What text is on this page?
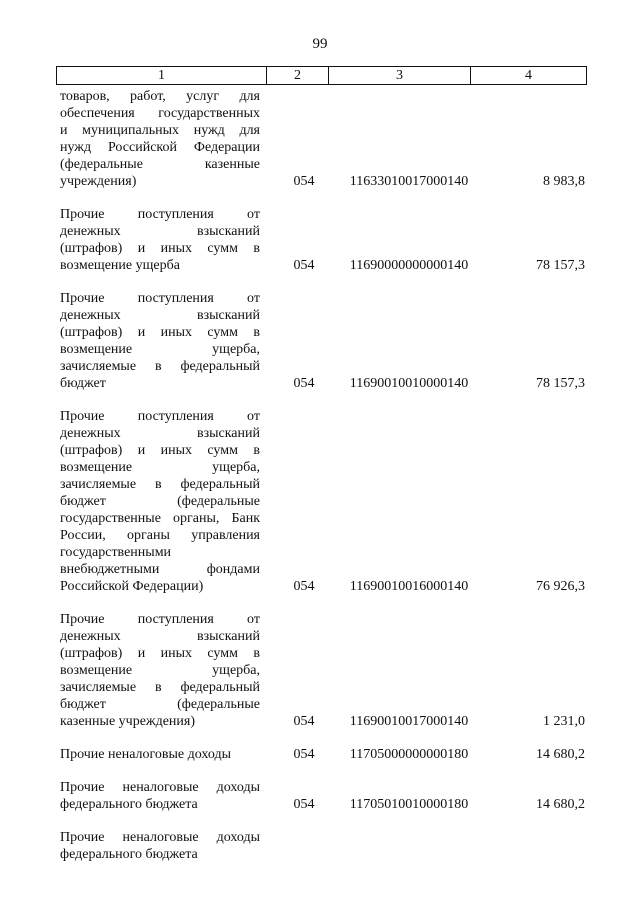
99
1	2	3	4
товаров, работ, услуг для
обеспечения государственных
и муниципальных нужд для
нужд Российской Федерации
(федеральные казенные
учреждения)	054	11633010017000140	8 983,8
Прочие поступления от
денежных взысканий
(штрафов) и иных сумм в
возмещение ущерба	054	11690000000000140	78 157,3
Прочие поступления от
денежных взысканий
(штрафов) и иных сумм в
возмещение ущерба,
зачисляемые в федеральный
бюджет	054	11690010010000140	78 157,3
Прочие поступления от
денежных взысканий
(штрафов) и иных сумм в
возмещение ущерба,
зачисляемые в федеральный
бюджет (федеральные
государственные органы, Банк
России, органы управления
государственными
внебюджетными фондами
Российской Федерации)	054	11690010016000140	76 926,3
Прочие поступления от
денежных взысканий
(штрафов) и иных сумм в
возмещение ущерба,
зачисляемые в федеральный
бюджет (федеральные
казенные учреждения)	054	11690010017000140	1 231,0
Прочие неналоговые доходы	054	11705000000000180	14 680,2
Прочие неналоговые доходы
федерального бюджета	054	11705010010000180	14 680,2
Прочие неналоговые доходы
федерального бюджета
